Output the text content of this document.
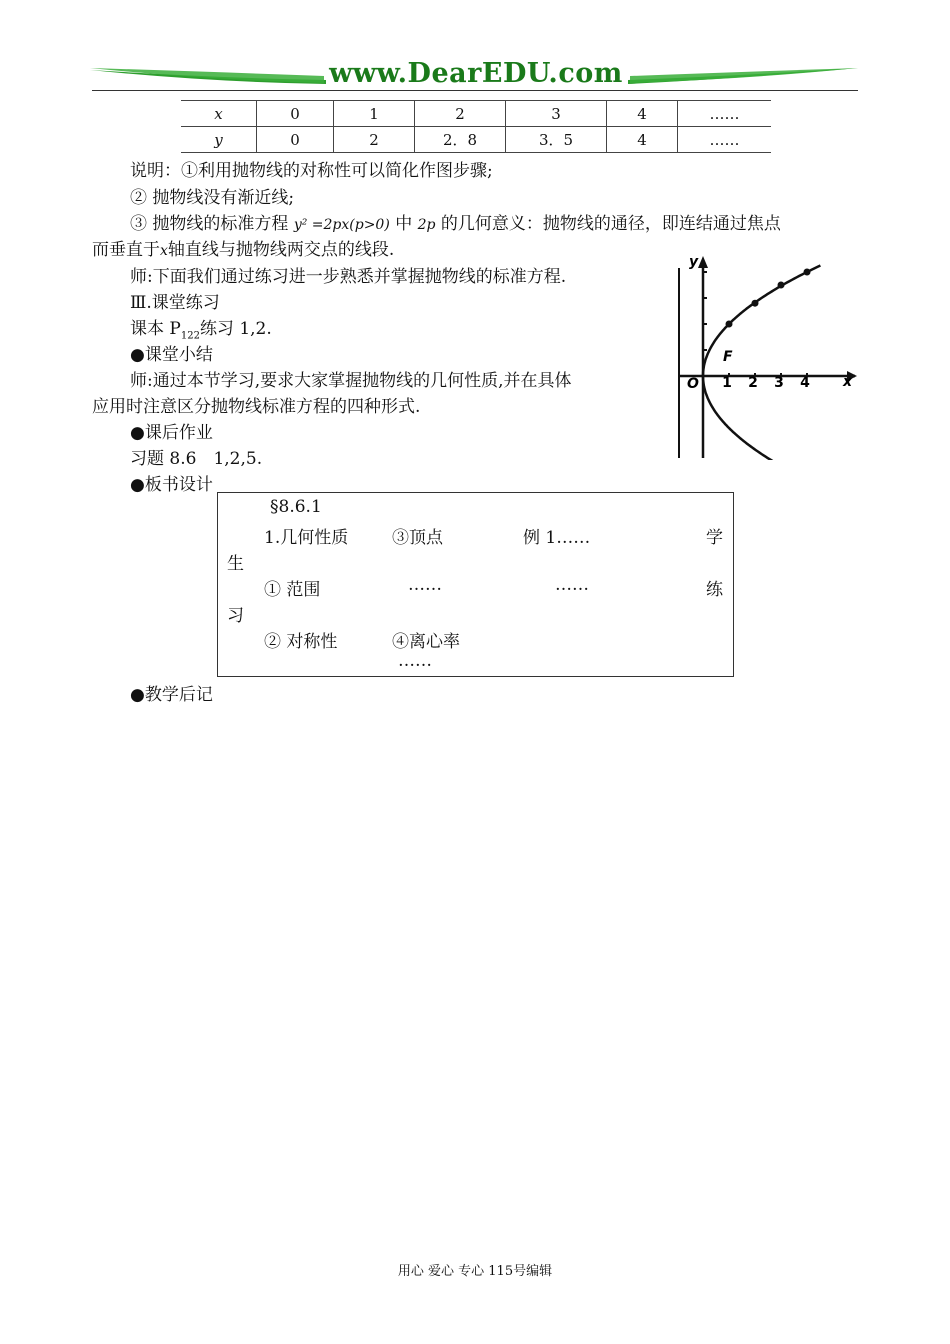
www.DearEDU.com
x	0	1	2	3	4	……
y	0	2	2．8	3．5	4	……
说明：①利用抛物线的对称性可以简化作图步骤;
② 抛物线没有渐近线;
③ 抛物线的标准方程 y² =2px(p>0) 中 2p 的几何意义：抛物线的通径，即连结通过焦点
而垂直于x轴直线与抛物线两交点的线段.
师:下面我们通过练习进一步熟悉并掌握抛物线的标准方程.
Ⅲ.课堂练习
课本 $P_{122}$练习 1,2.
●课堂小结
师:通过本节学习,要求大家掌握抛物线的几何性质,并在具体
应用时注意区分抛物线标准方程的四种形式.
●课后作业
习题 8.6　1,2,5.
●板书设计
O
F
y
x
1 2 3 4
§8.6.1
1.几何性质	③顶点	例 1……	学
生
① 范围	……	……	练
习
② 对称性	④离心率
……
●教学后记
用心 爱心 专心 115号编辑
